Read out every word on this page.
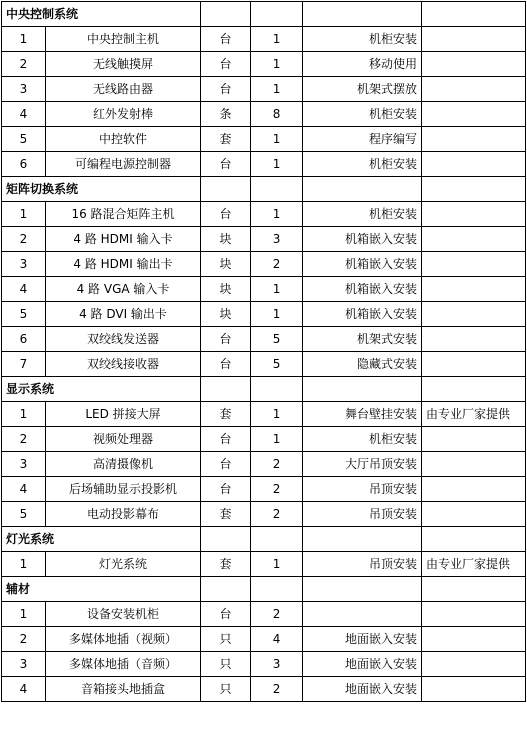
中央控制系统					
1	中央控制主机	台	1	机柜安装	
2	无线触摸屏	台	1	移动使用	
3	无线路由器	台	1	机架式摆放	
4	红外发射棒	条	8	机柜安装	
5	中控软件	套	1	程序编写	
6	可编程电源控制器	台	1	机柜安装	
矩阵切换系统					
1	16 路混合矩阵主机	台	1	机柜安装	
2	4 路 HDMI 输入卡	块	3	机箱嵌入安装	
3	4 路 HDMI 输出卡	块	2	机箱嵌入安装	
4	4 路 VGA 输入卡	块	1	机箱嵌入安装	
5	4 路 DVI 输出卡	块	1	机箱嵌入安装	
6	双绞线发送器	台	5	机架式安装	
7	双绞线接收器	台	5	隐藏式安装	
显示系统					
1	LED 拼接大屏	套	1	舞台壁挂安装	由专业厂家提供
2	视频处理器	台	1	机柜安装	
3	高清摄像机	台	2	大厅吊顶安装	
4	后场辅助显示投影机	台	2	吊顶安装	
5	电动投影幕布	套	2	吊顶安装	
灯光系统					
1	灯光系统	套	1	吊顶安装	由专业厂家提供
辅材					
1	设备安装机柜	台	2		
2	多媒体地插（视频）	只	4	地面嵌入安装	
3	多媒体地插（音频）	只	3	地面嵌入安装	
4	音箱接头地插盒	只	2	地面嵌入安装	
